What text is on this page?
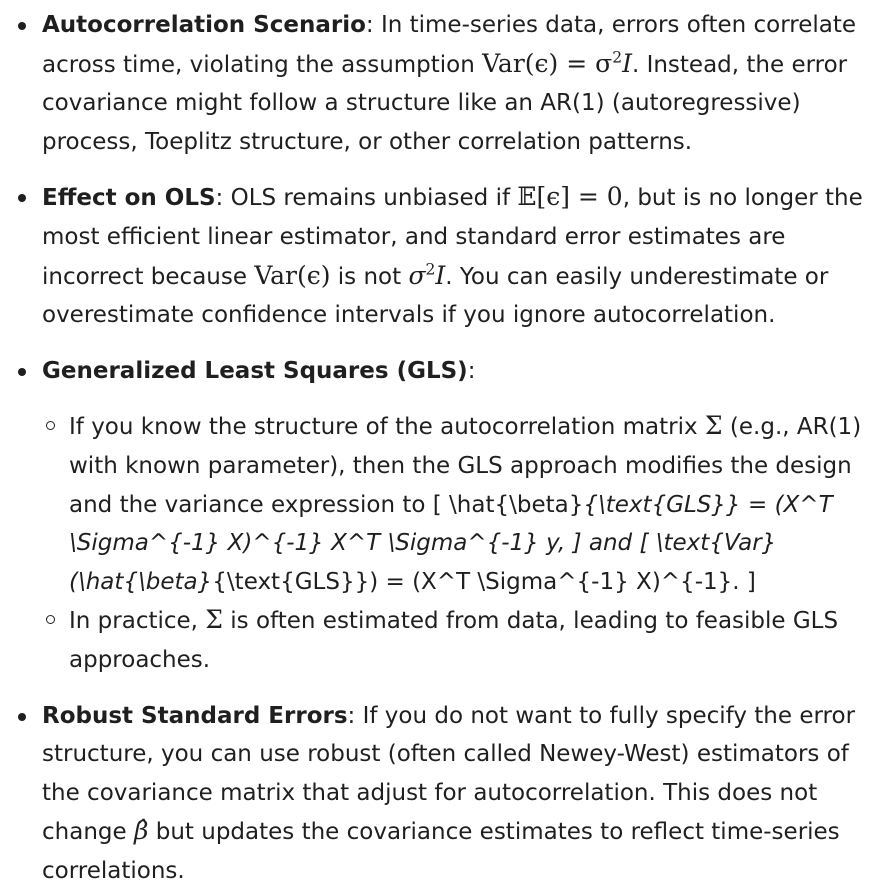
Autocorrelation Scenario: In time-series data, errors often correlate across time, violating the assumption $Var(\epsilon) = \sigma^2I$. Instead, the error covariance might follow a structure like an AR(1) (autoregressive) process, Toeplitz structure, or other correlation patterns.
Effect on OLS: OLS remains unbiased if 𝔼[ϵ] = 0, but is no longer the most efficient linear estimator, and standard error estimates are incorrect because Var(ϵ) is not $\sigma^2I$. You can easily underestimate or overestimate confidence intervals if you ignore autocorrelation.
Generalized Least Squares (GLS):
If you know the structure of the autocorrelation matrix Σ (e.g., AR(1) with known parameter), then the GLS approach modifies the design and the variance expression to [ \hat{\beta}{\text{GLS}} = (X^T \Sigma^{-1} X)^{-1} X^T \Sigma^{-1} y, ] and [ \text{Var}(\hat{\beta}{\text{GLS}}) = (X^T \Sigma^{-1} X)^{-1}. ]
In practice, Σ is often estimated from data, leading to feasible GLS approaches.
Robust Standard Errors: If you do not want to fully specify the error structure, you can use robust (often called Newey-West) estimators of the covariance matrix that adjust for autocorrelation. This does not change β̂ but updates the covariance estimates to reflect time-series correlations.
